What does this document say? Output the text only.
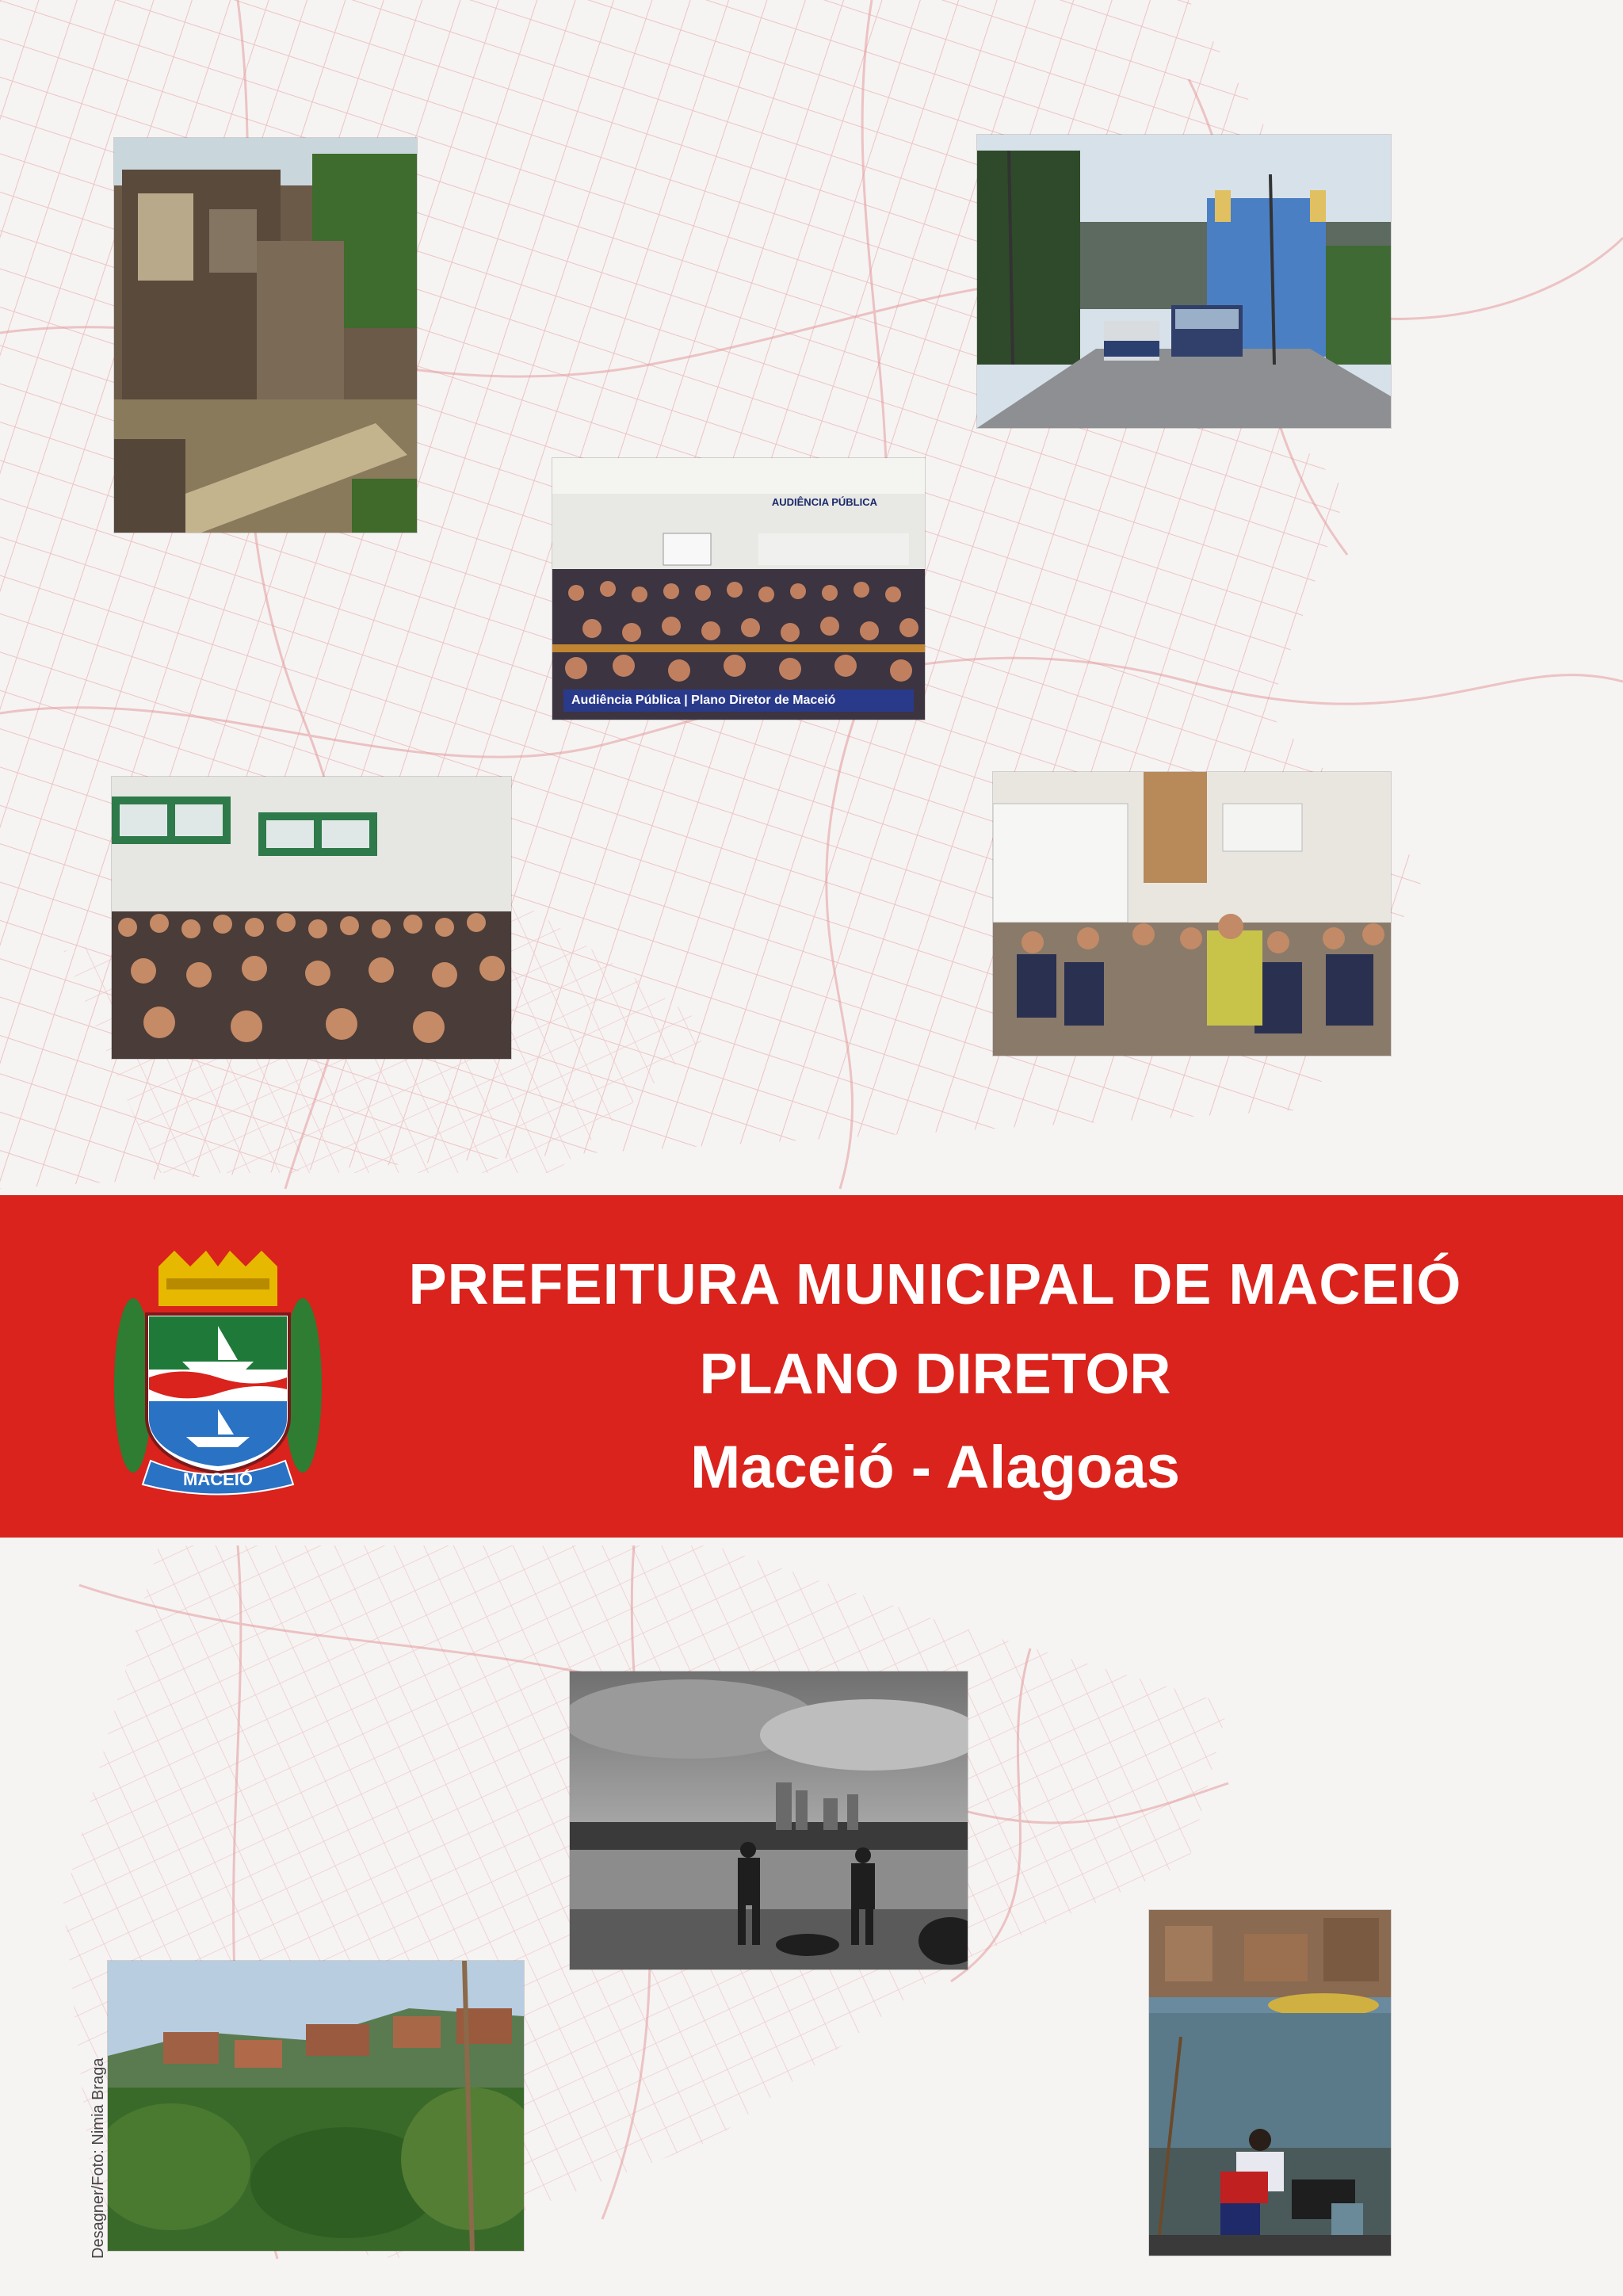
AUDIÊNCIA PÚBLICA
Audiência Pública | Plano Diretor de Maceió
MACEIÓ
PREFEITURA MUNICIPAL DE MACEIÓ
PLANO DIRETOR
Maceió - Alagoas
Desagner/Foto: Nimia Braga
